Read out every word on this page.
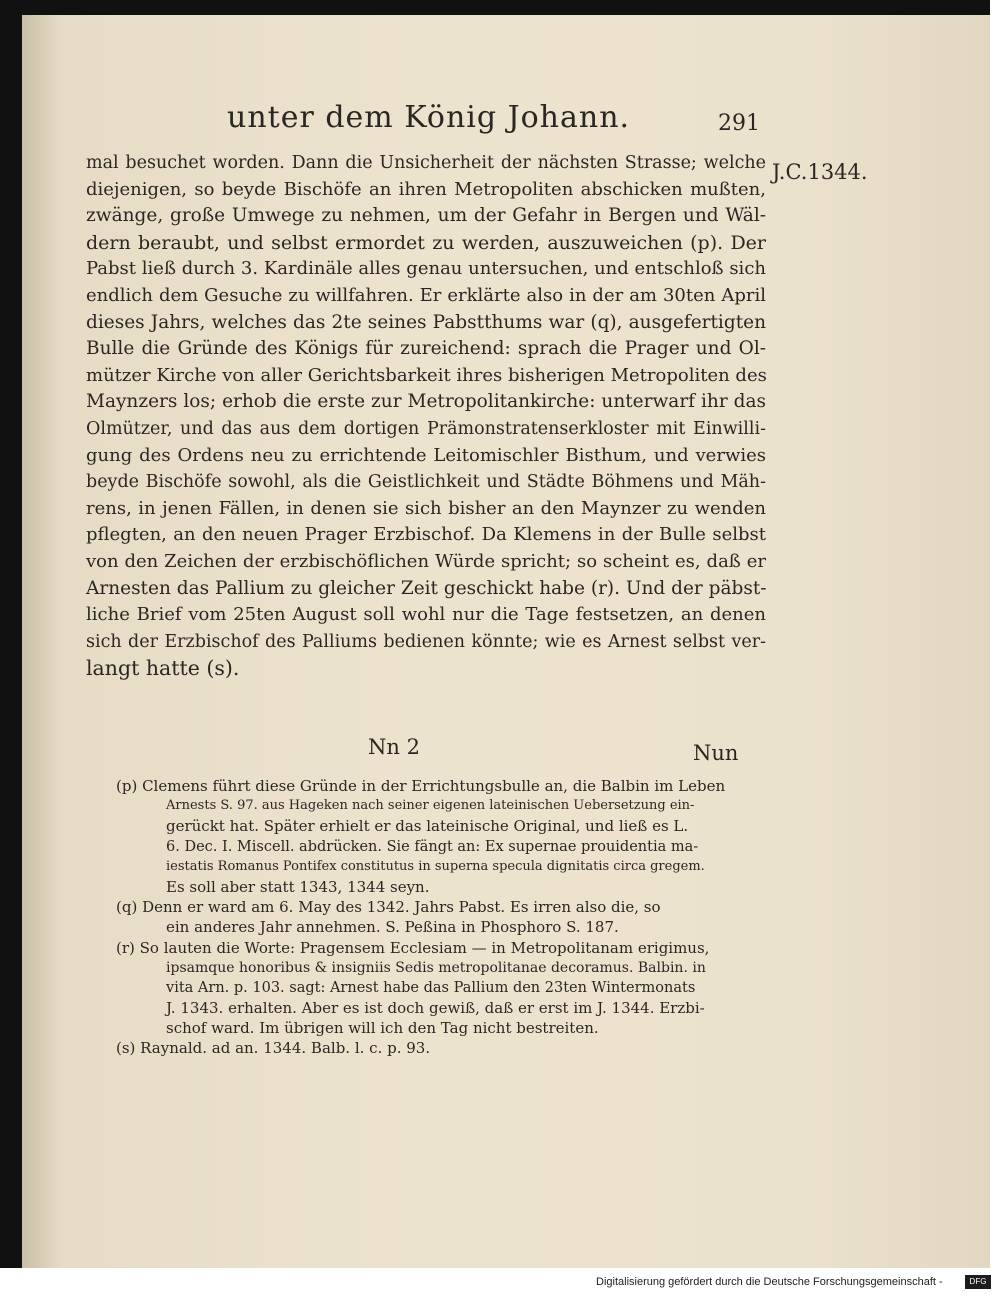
unter dem König Johann.	291
J.C.1344.
mal besuchet worden. Dann die Unsicherheit der nächsten Strasse; welche
diejenigen, so beyde Bischöfe an ihren Metropoliten abschicken mußten,
zwänge, große Umwege zu nehmen, um der Gefahr in Bergen und Wäl-
dern beraubt, und selbst ermordet zu werden, auszuweichen (p). Der
Pabst ließ durch 3. Kardinäle alles genau untersuchen, und entschloß sich
endlich dem Gesuche zu willfahren. Er erklärte also in der am 30ten April
dieses Jahrs, welches das 2te seines Pabstthums war (q), ausgefertigten
Bulle die Gründe des Königs für zureichend: sprach die Prager und Ol-
mützer Kirche von aller Gerichtsbarkeit ihres bisherigen Metropoliten des
Maynzers los; erhob die erste zur Metropolitankirche: unterwarf ihr das
Olmützer, und das aus dem dortigen Prämonstratenserkloster mit Einwilli-
gung des Ordens neu zu errichtende Leitomischler Bisthum, und verwies
beyde Bischöfe sowohl, als die Geistlichkeit und Städte Böhmens und Mäh-
rens, in jenen Fällen, in denen sie sich bisher an den Maynzer zu wenden
pflegten, an den neuen Prager Erzbischof. Da Klemens in der Bulle selbst
von den Zeichen der erzbischöflichen Würde spricht; so scheint es, daß er
Arnesten das Pallium zu gleicher Zeit geschickt habe (r). Und der päbst-
liche Brief vom 25ten August soll wohl nur die Tage festsetzen, an denen
sich der Erzbischof des Palliums bedienen könnte; wie es Arnest selbst ver-
langt hatte (s).
Nn 2	Nun
(p) Clemens führt diese Gründe in der Errichtungsbulle an, die Balbin im Leben
Arnests S. 97. aus Hageken nach seiner eigenen lateinischen Uebersetzung ein-
gerückt hat. Später erhielt er das lateinische Original, und ließ es L.
6. Dec. I. Miscell. abdrücken. Sie fängt an: Ex supernae prouidentia ma-
iestatis Romanus Pontifex constitutus in superna specula dignitatis circa gregem.
Es soll aber statt 1343, 1344 seyn.
(q) Denn er ward am 6. May des 1342. Jahrs Pabst. Es irren also die, so
ein anderes Jahr annehmen. S. Peßina in Phosphoro S. 187.
(r) So lauten die Worte: Pragensem Ecclesiam — in Metropolitanam erigimus,
ipsamque honoribus & insigniis Sedis metropolitanae decoramus. Balbin. in
vita Arn. p. 103. sagt: Arnest habe das Pallium den 23ten Wintermonats
J. 1343. erhalten. Aber es ist doch gewiß, daß er erst im J. 1344. Erzbi-
schof ward. Im übrigen will ich den Tag nicht bestreiten.
(s) Raynald. ad an. 1344. Balb. l. c. p. 93.
Digitalisierung gefördert durch die Deutsche Forschungsgemeinschaft -	DFG
